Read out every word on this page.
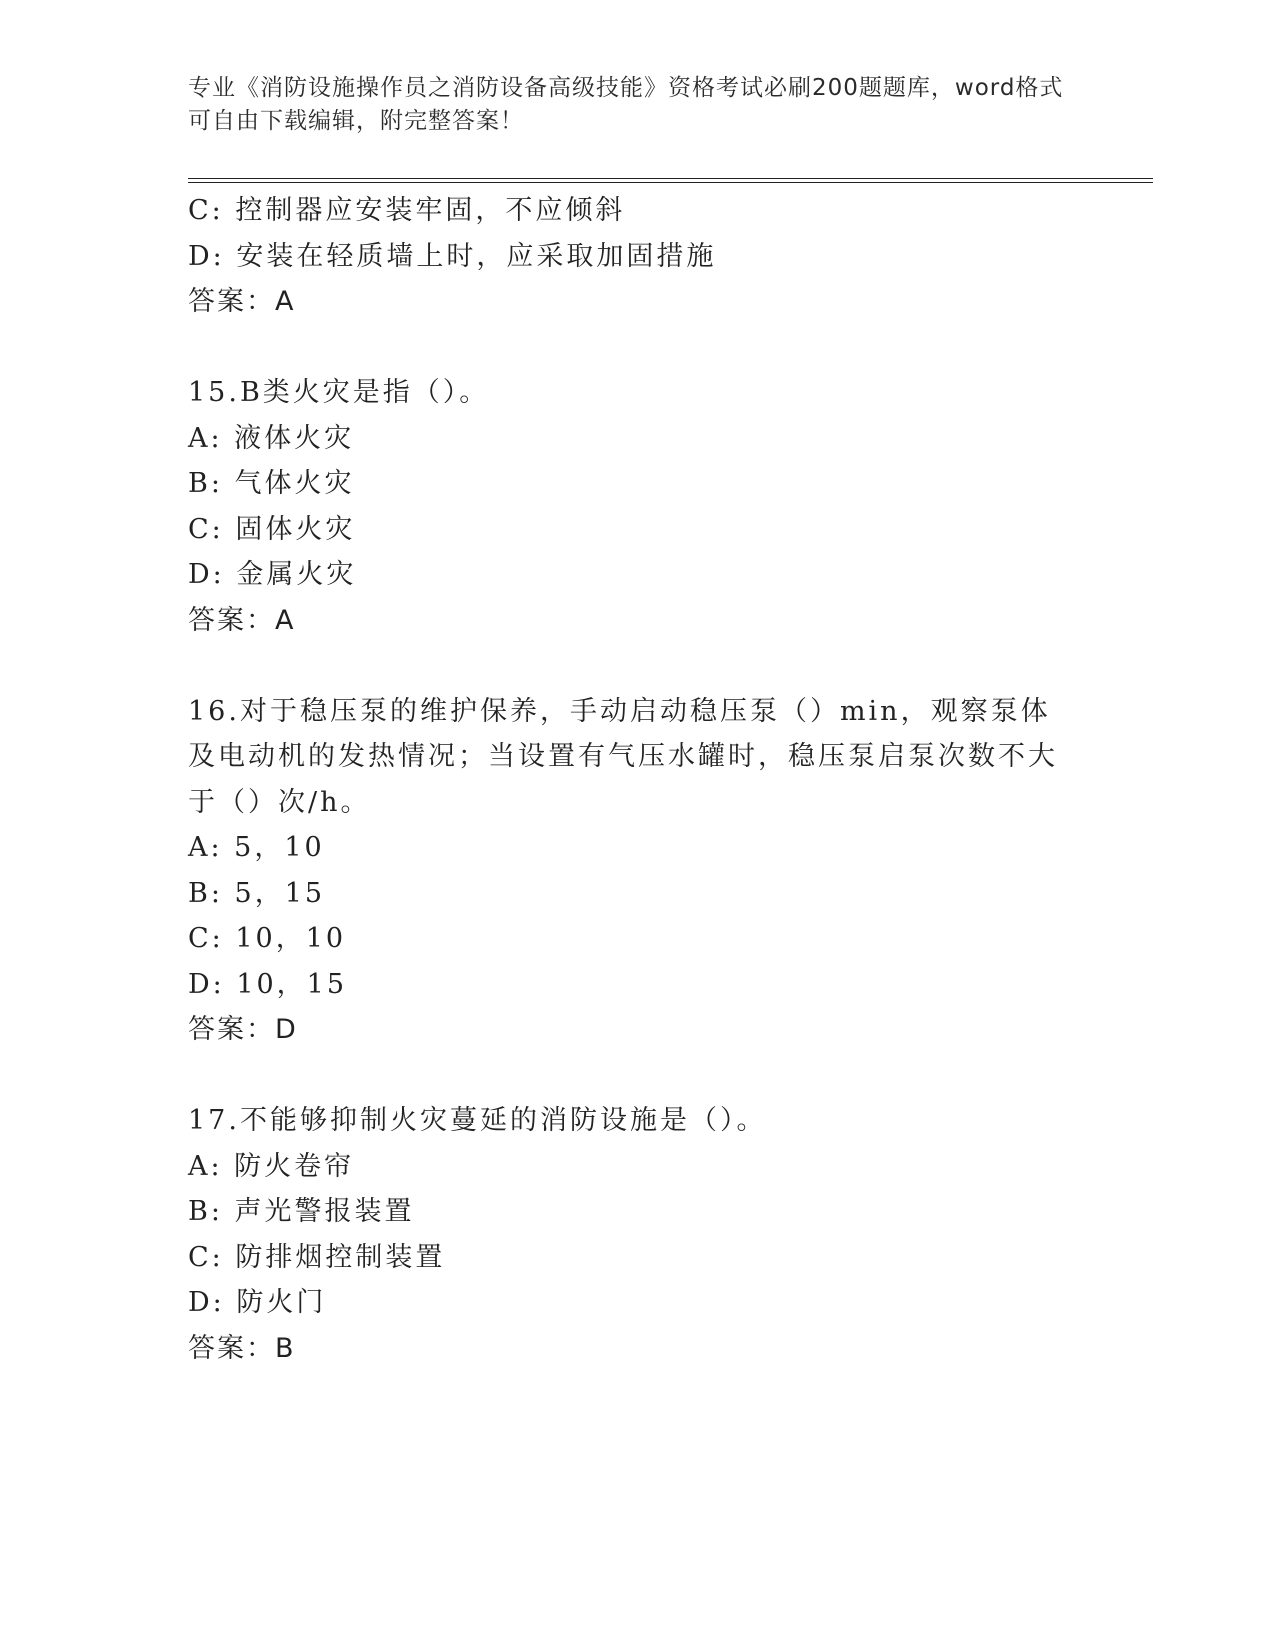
专业《消防设施操作员之消防设备高级技能》资格考试必刷200题题库，word格式可自由下载编辑，附完整答案！
C: 控制器应安装牢固，不应倾斜
D: 安装在轻质墙上时，应采取加固措施
答案：A
15.B类火灾是指（）。
A: 液体火灾
B: 气体火灾
C: 固体火灾
D: 金属火灾
答案：A
16.对于稳压泵的维护保养，手动启动稳压泵（）min，观察泵体及电动机的发热情况；当设置有气压水罐时，稳压泵启泵次数不大于（）次/h。
A: 5，10
B: 5，15
C: 10，10
D: 10，15
答案：D
17.不能够抑制火灾蔓延的消防设施是（）。
A: 防火卷帘
B: 声光警报装置
C: 防排烟控制装置
D: 防火门
答案：B
